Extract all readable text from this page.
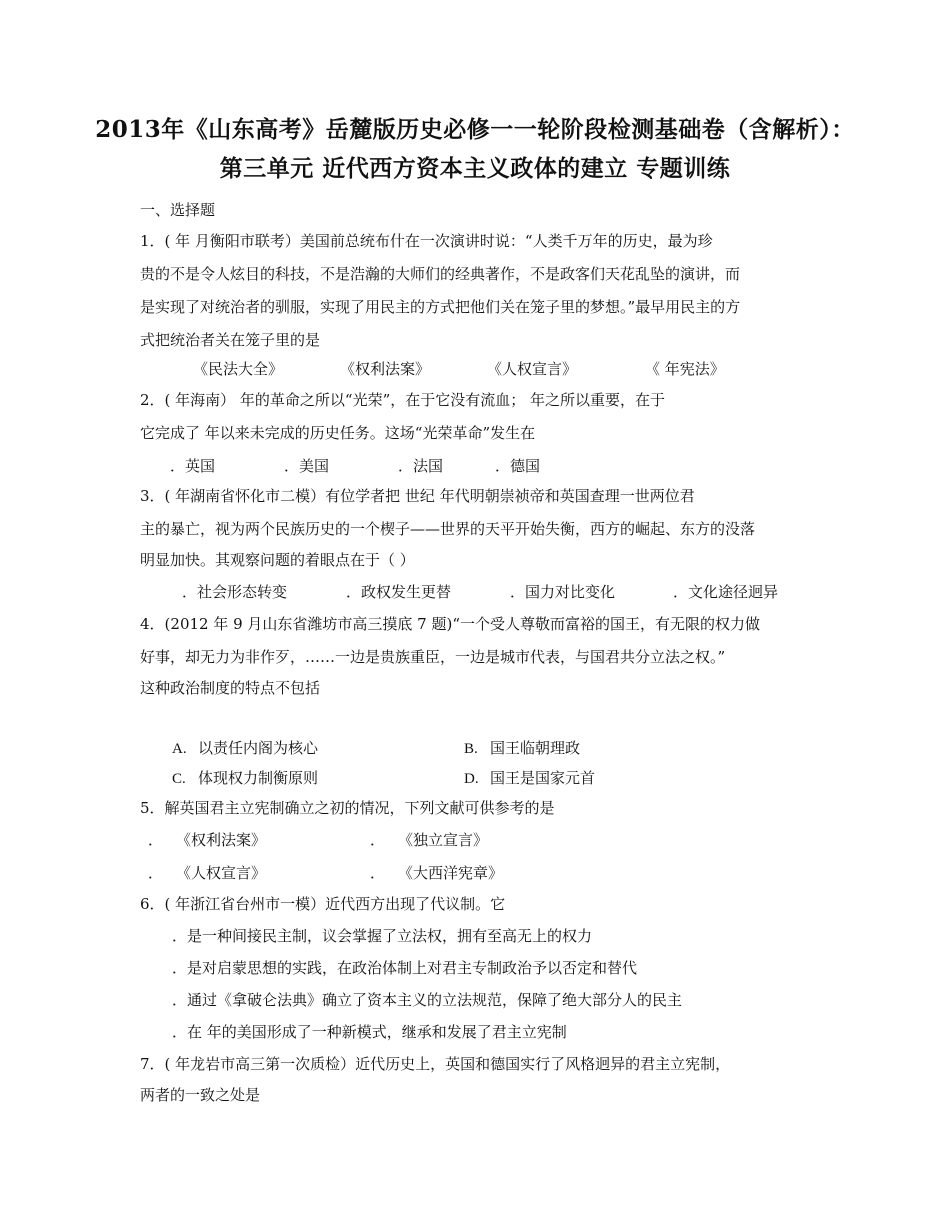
2013年《山东高考》岳麓版历史必修一一轮阶段检测基础卷（含解析）：
第三单元 近代西方资本主义政体的建立 专题训练
一、选择题
1．( 年 月衡阳市联考）美国前总统布什在一次演讲时说：“人类千万年的历史，最为珍
贵的不是令人炫目的科技，不是浩瀚的大师们的经典著作，不是政客们天花乱坠的演讲，而
是实现了对统治者的驯服，实现了用民主的方式把他们关在笼子里的梦想。”最早用民主的方
式把统治者关在笼子里的是
《民法大全》	《权利法案》	《人权宣言》	《 年宪法》
2．( 年海南） 年的革命之所以“光荣”，在于它没有流血； 年之所以重要，在于
它完成了 年以来未完成的历史任务。这场“光荣革命”发生在
．英国	．美国	．法国	．德国
3．( 年湖南省怀化市二模）有位学者把 世纪 年代明朝崇祯帝和英国查理一世两位君
主的暴亡，视为两个民族历史的一个楔子——世界的天平开始失衡，西方的崛起、东方的没落
明显加快。其观察问题的着眼点在于（ ）
．社会形态转变	．政权发生更替	．国力对比变化	．文化途径迥异
4．(2012 年 9 月山东省潍坊市高三摸底 7 题)“一个受人尊敬而富裕的国王，有无限的权力做
好事，却无力为非作歹，……一边是贵族重臣，一边是城市代表，与国君共分立法之权。”
这种政治制度的特点不包括
A. 以责任内阁为核心	B. 国王临朝理政
C. 体现权力制衡原则	D. 国王是国家元首
5．解英国君主立宪制确立之初的情况，下列文献可供参考的是
． 《权利法案》	． 《独立宣言》
． 《人权宣言》	． 《大西洋宪章》
6．( 年浙江省台州市一模）近代西方出现了代议制。它
．是一种间接民主制，议会掌握了立法权，拥有至高无上的权力
．是对启蒙思想的实践，在政治体制上对君主专制政治予以否定和替代
．通过《拿破仑法典》确立了资本主义的立法规范，保障了绝大部分人的民主
．在 年的美国形成了一种新模式，继承和发展了君主立宪制
7．( 年龙岩市高三第一次质检）近代历史上，英国和德国实行了风格迥异的君主立宪制，
两者的一致之处是
